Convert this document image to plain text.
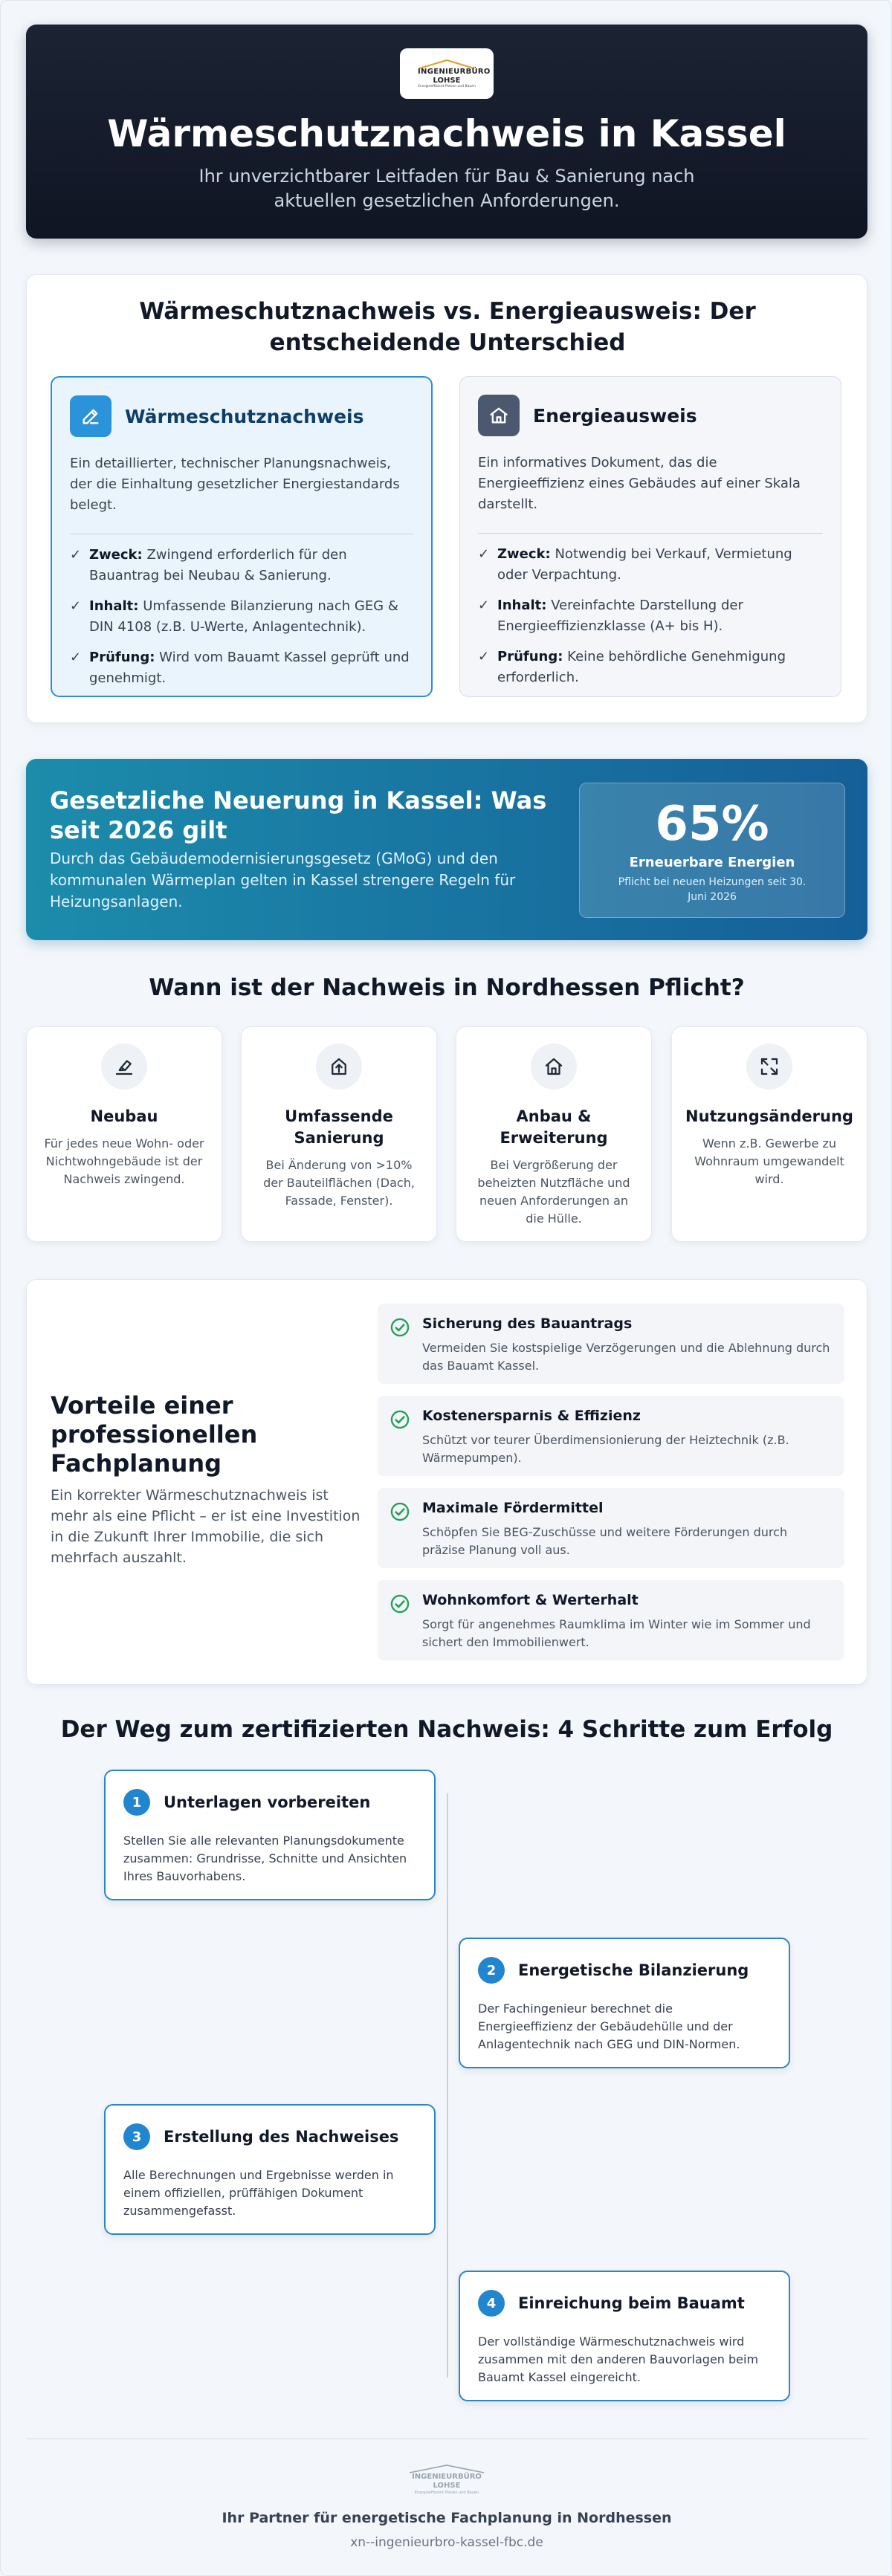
INGENIEURBÜRO
LOHSE
Energieeffizient Planen und Bauen
Wärmeschutznachweis in Kassel

Ihr unverzichtbarer Leitfaden für Bau & Sanierung nach aktuellen gesetzlichen Anforderungen.

Wärmeschutznachweis vs. Energieausweis: Der entscheidende Unterschied
Wärmeschutznachweis

Ein detaillierter, technischer Planungsnachweis, der die Einhaltung gesetzlicher Energiestandards belegt.

✓ Zweck: Zwingend erforderlich für den Bauantrag bei Neubau & Sanierung.
✓ Inhalt: Umfassende Bilanzierung nach GEG & DIN 4108 (z.B. U-Werte, Anlagentechnik).
✓ Prüfung: Wird vom Bauamt Kassel geprüft und genehmigt.
Energieausweis

Ein informatives Dokument, das die Energieeffizienz eines Gebäudes auf einer Skala darstellt.

✓ Zweck: Notwendig bei Verkauf, Vermietung oder Verpachtung.
✓ Inhalt: Vereinfachte Darstellung der Energieeffizienzklasse (A+ bis H).
✓ Prüfung: Keine behördliche Genehmigung erforderlich.
Gesetzliche Neuerung in Kassel: Was seit 2026 gilt

Durch das Gebäudemodernisierungsgesetz (GMoG) und den kommunalen Wärmeplan gelten in Kassel strengere Regeln für Heizungsanlagen.

65%
Erneuerbare Energien
Pflicht bei neuen Heizungen seit 30. Juni 2026
Wann ist der Nachweis in Nordhessen Pflicht?
Neubau
Für jedes neue Wohn- oder Nichtwohngebäude ist der Nachweis zwingend.
Umfassende Sanierung
Bei Änderung von >10% der Bauteilflächen (Dach, Fassade, Fenster).
Anbau & Erweiterung
Bei Vergrößerung der beheizten Nutzfläche und neuen Anforderungen an die Hülle.
Nutzungsänderung
Wenn z.B. Gewerbe zu Wohnraum umgewandelt wird.
Vorteile einer professionellen Fachplanung

Ein korrekter Wärmeschutznachweis ist mehr als eine Pflicht – er ist eine Investition in die Zukunft Ihrer Immobilie, die sich mehrfach auszahlt.

Sicherung des Bauantrags
Vermeiden Sie kostspielige Verzögerungen und die Ablehnung durch das Bauamt Kassel.
Kostenersparnis & Effizienz
Schützt vor teurer Überdimensionierung der Heiztechnik (z.B. Wärmepumpen).
Maximale Fördermittel
Schöpfen Sie BEG-Zuschüsse und weitere Förderungen durch präzise Planung voll aus.
Wohnkomfort & Werterhalt
Sorgt für angenehmes Raumklima im Winter wie im Sommer und sichert den Immobilienwert.
Der Weg zum zertifizierten Nachweis: 4 Schritte zum Erfolg
1	Unterlagen vorbereiten
Stellen Sie alle relevanten Planungsdokumente zusammen: Grundrisse, Schnitte und Ansichten Ihres Bauvorhabens.
2	Energetische Bilanzierung
Der Fachingenieur berechnet die Energieeffizienz der Gebäudehülle und der Anlagentechnik nach GEG und DIN-Normen.
3	Erstellung des Nachweises
Alle Berechnungen und Ergebnisse werden in einem offiziellen, prüffähigen Dokument zusammengefasst.
4	Einreichung beim Bauamt
Der vollständige Wärmeschutznachweis wird zusammen mit den anderen Bauvorlagen beim Bauamt Kassel eingereicht.
INGENIEURBÜRO
LOHSE
Energieeffizient Planen und Bauen
Ihr Partner für energetische Fachplanung in Nordhessen
xn--ingenieurbro-kassel-fbc.de
